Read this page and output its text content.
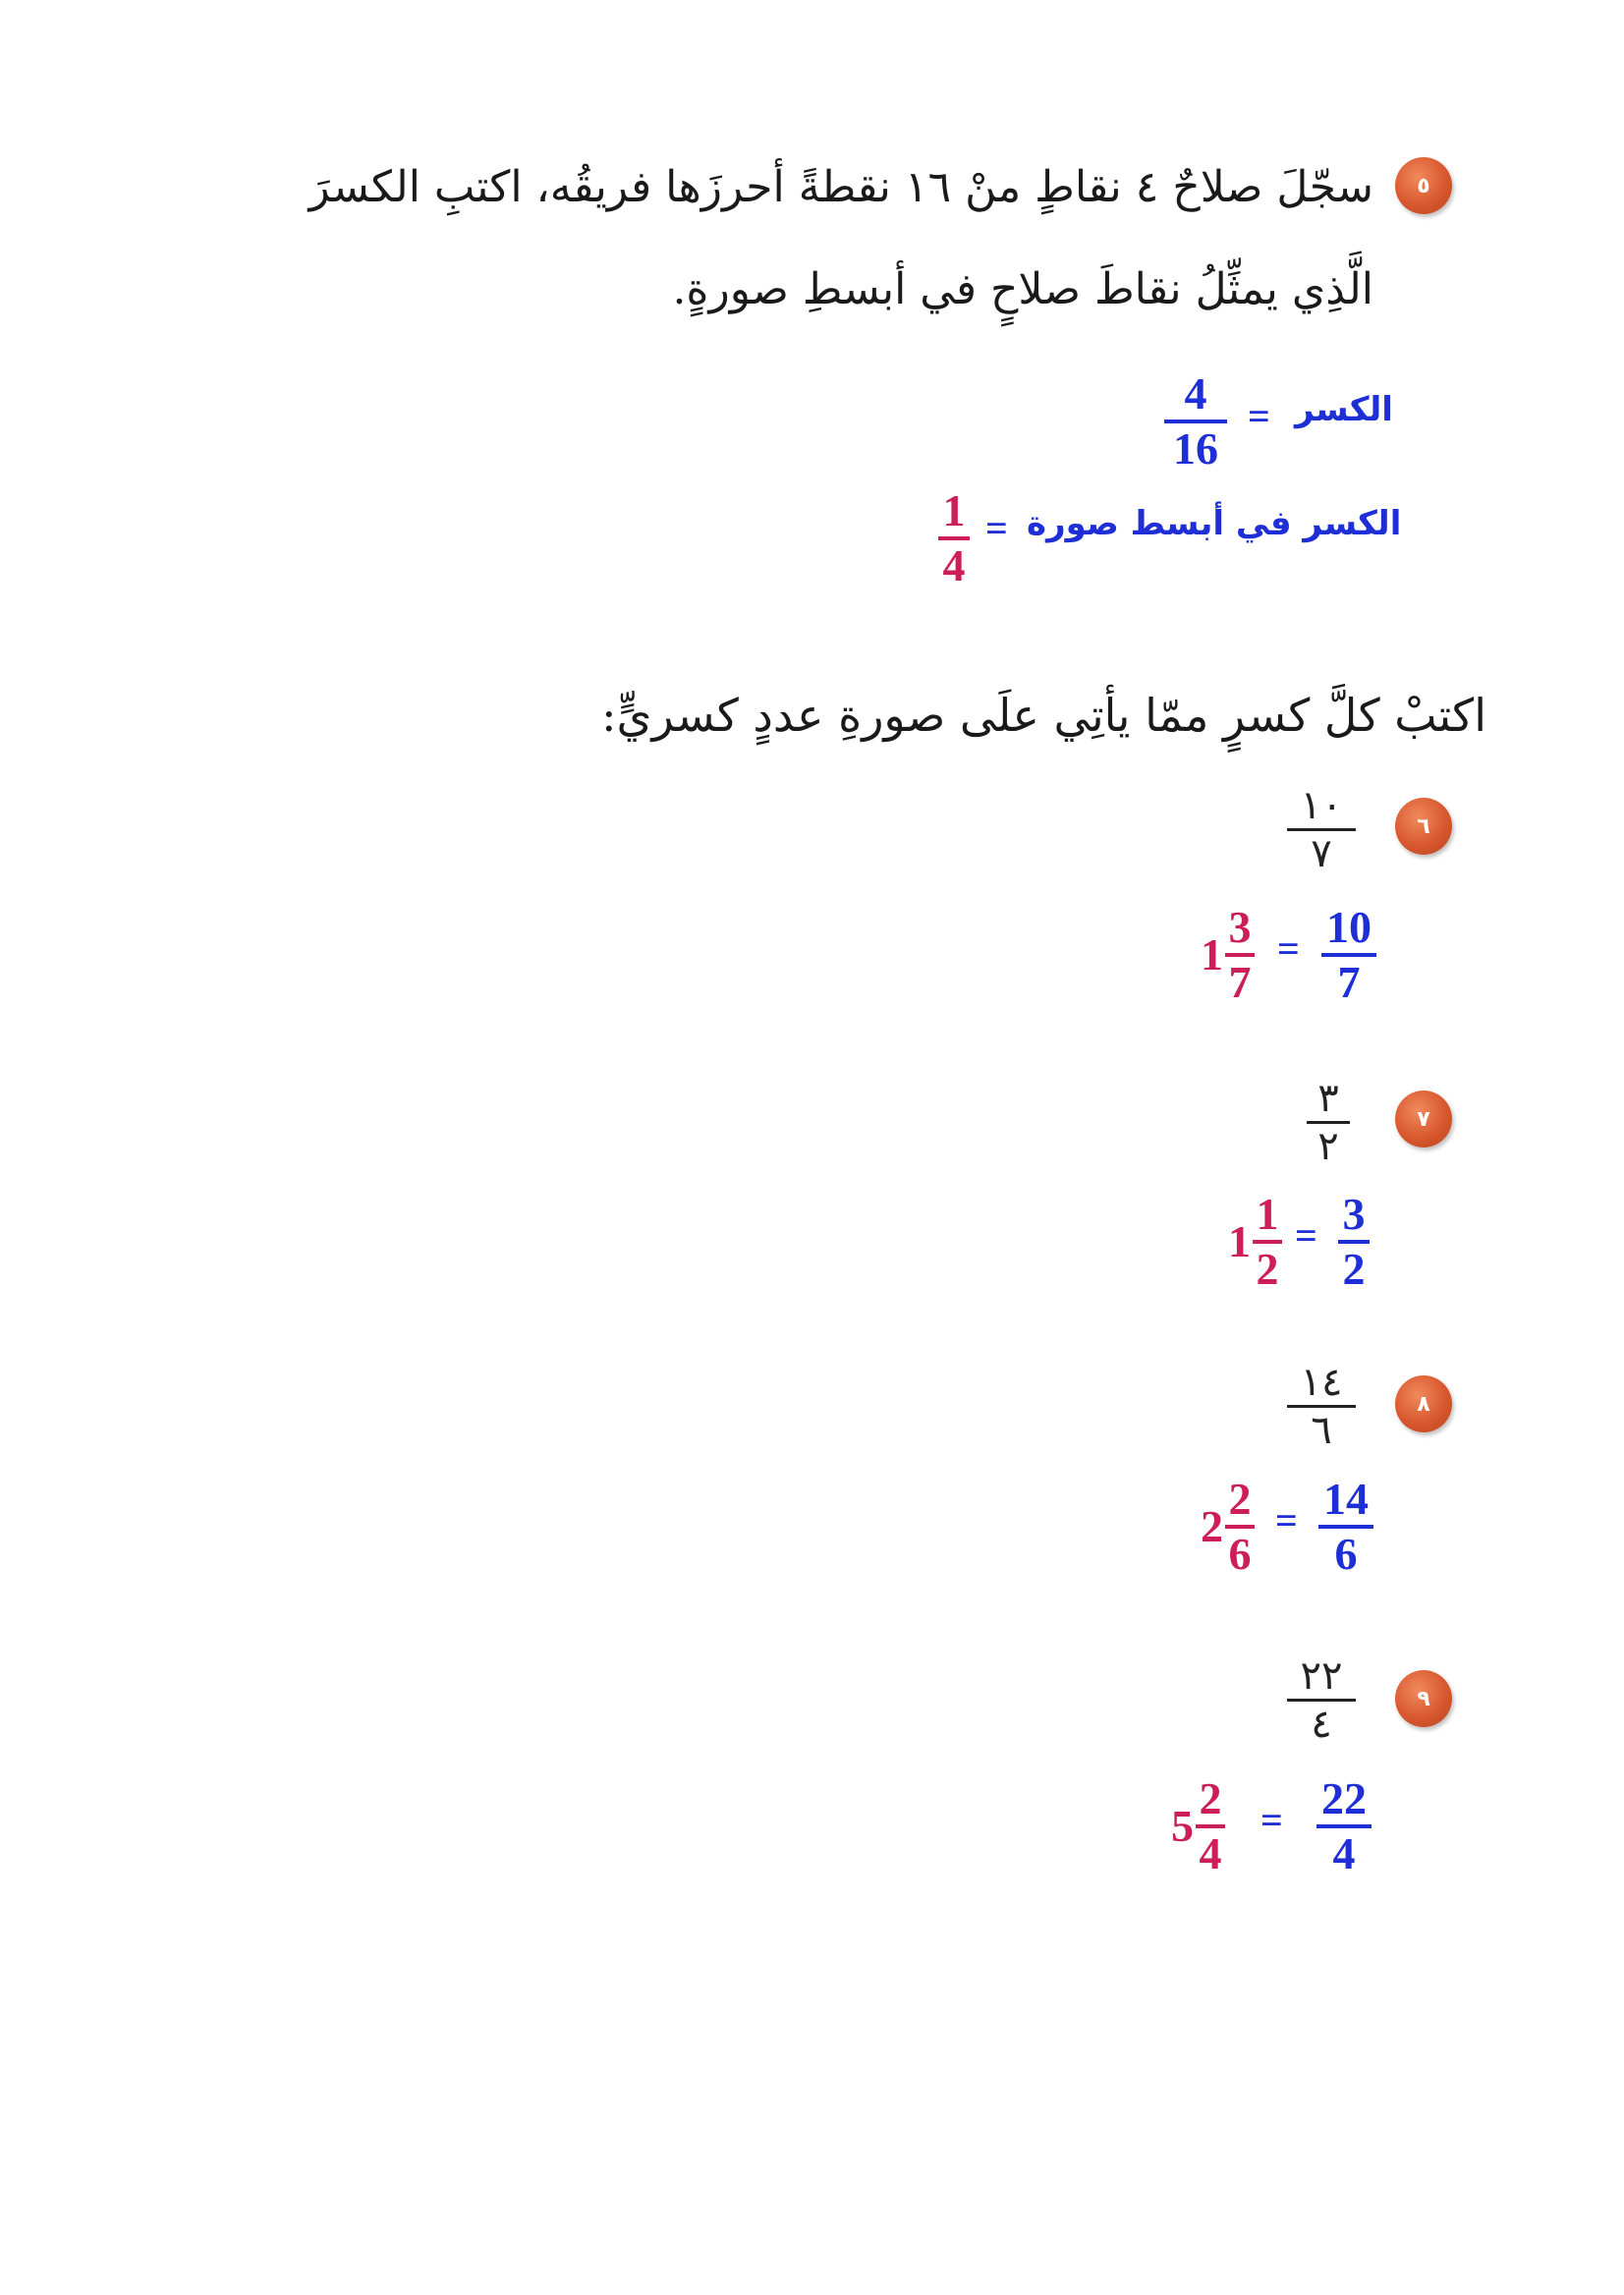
٥
سجّلَ صلاحٌ ٤ نقاطٍ منْ ١٦ نقطةً أحرزَها فريقُه، اكتبِ الكسرَ
الَّذِي يمثِّلُ نقاطَ صلاحٍ في أبسطِ صورةٍ.
الكسر
=
4
16
الكسر في أبسط صورة
=
1
4
اكتبْ كلَّ كسرٍ ممّا يأتِي علَى صورةِ عددٍ كسريٍّ:
٦
١٠
٧
$1 \frac{3}{7} = 10$
7
٧
٣
٢
$1 \frac{1}{2} = 3$
2
٨
١٤
٦
$2 \frac{2}{6} = 14$
6
٩
٢٢
٤
$5 \frac{2}{4} = 22$
4
